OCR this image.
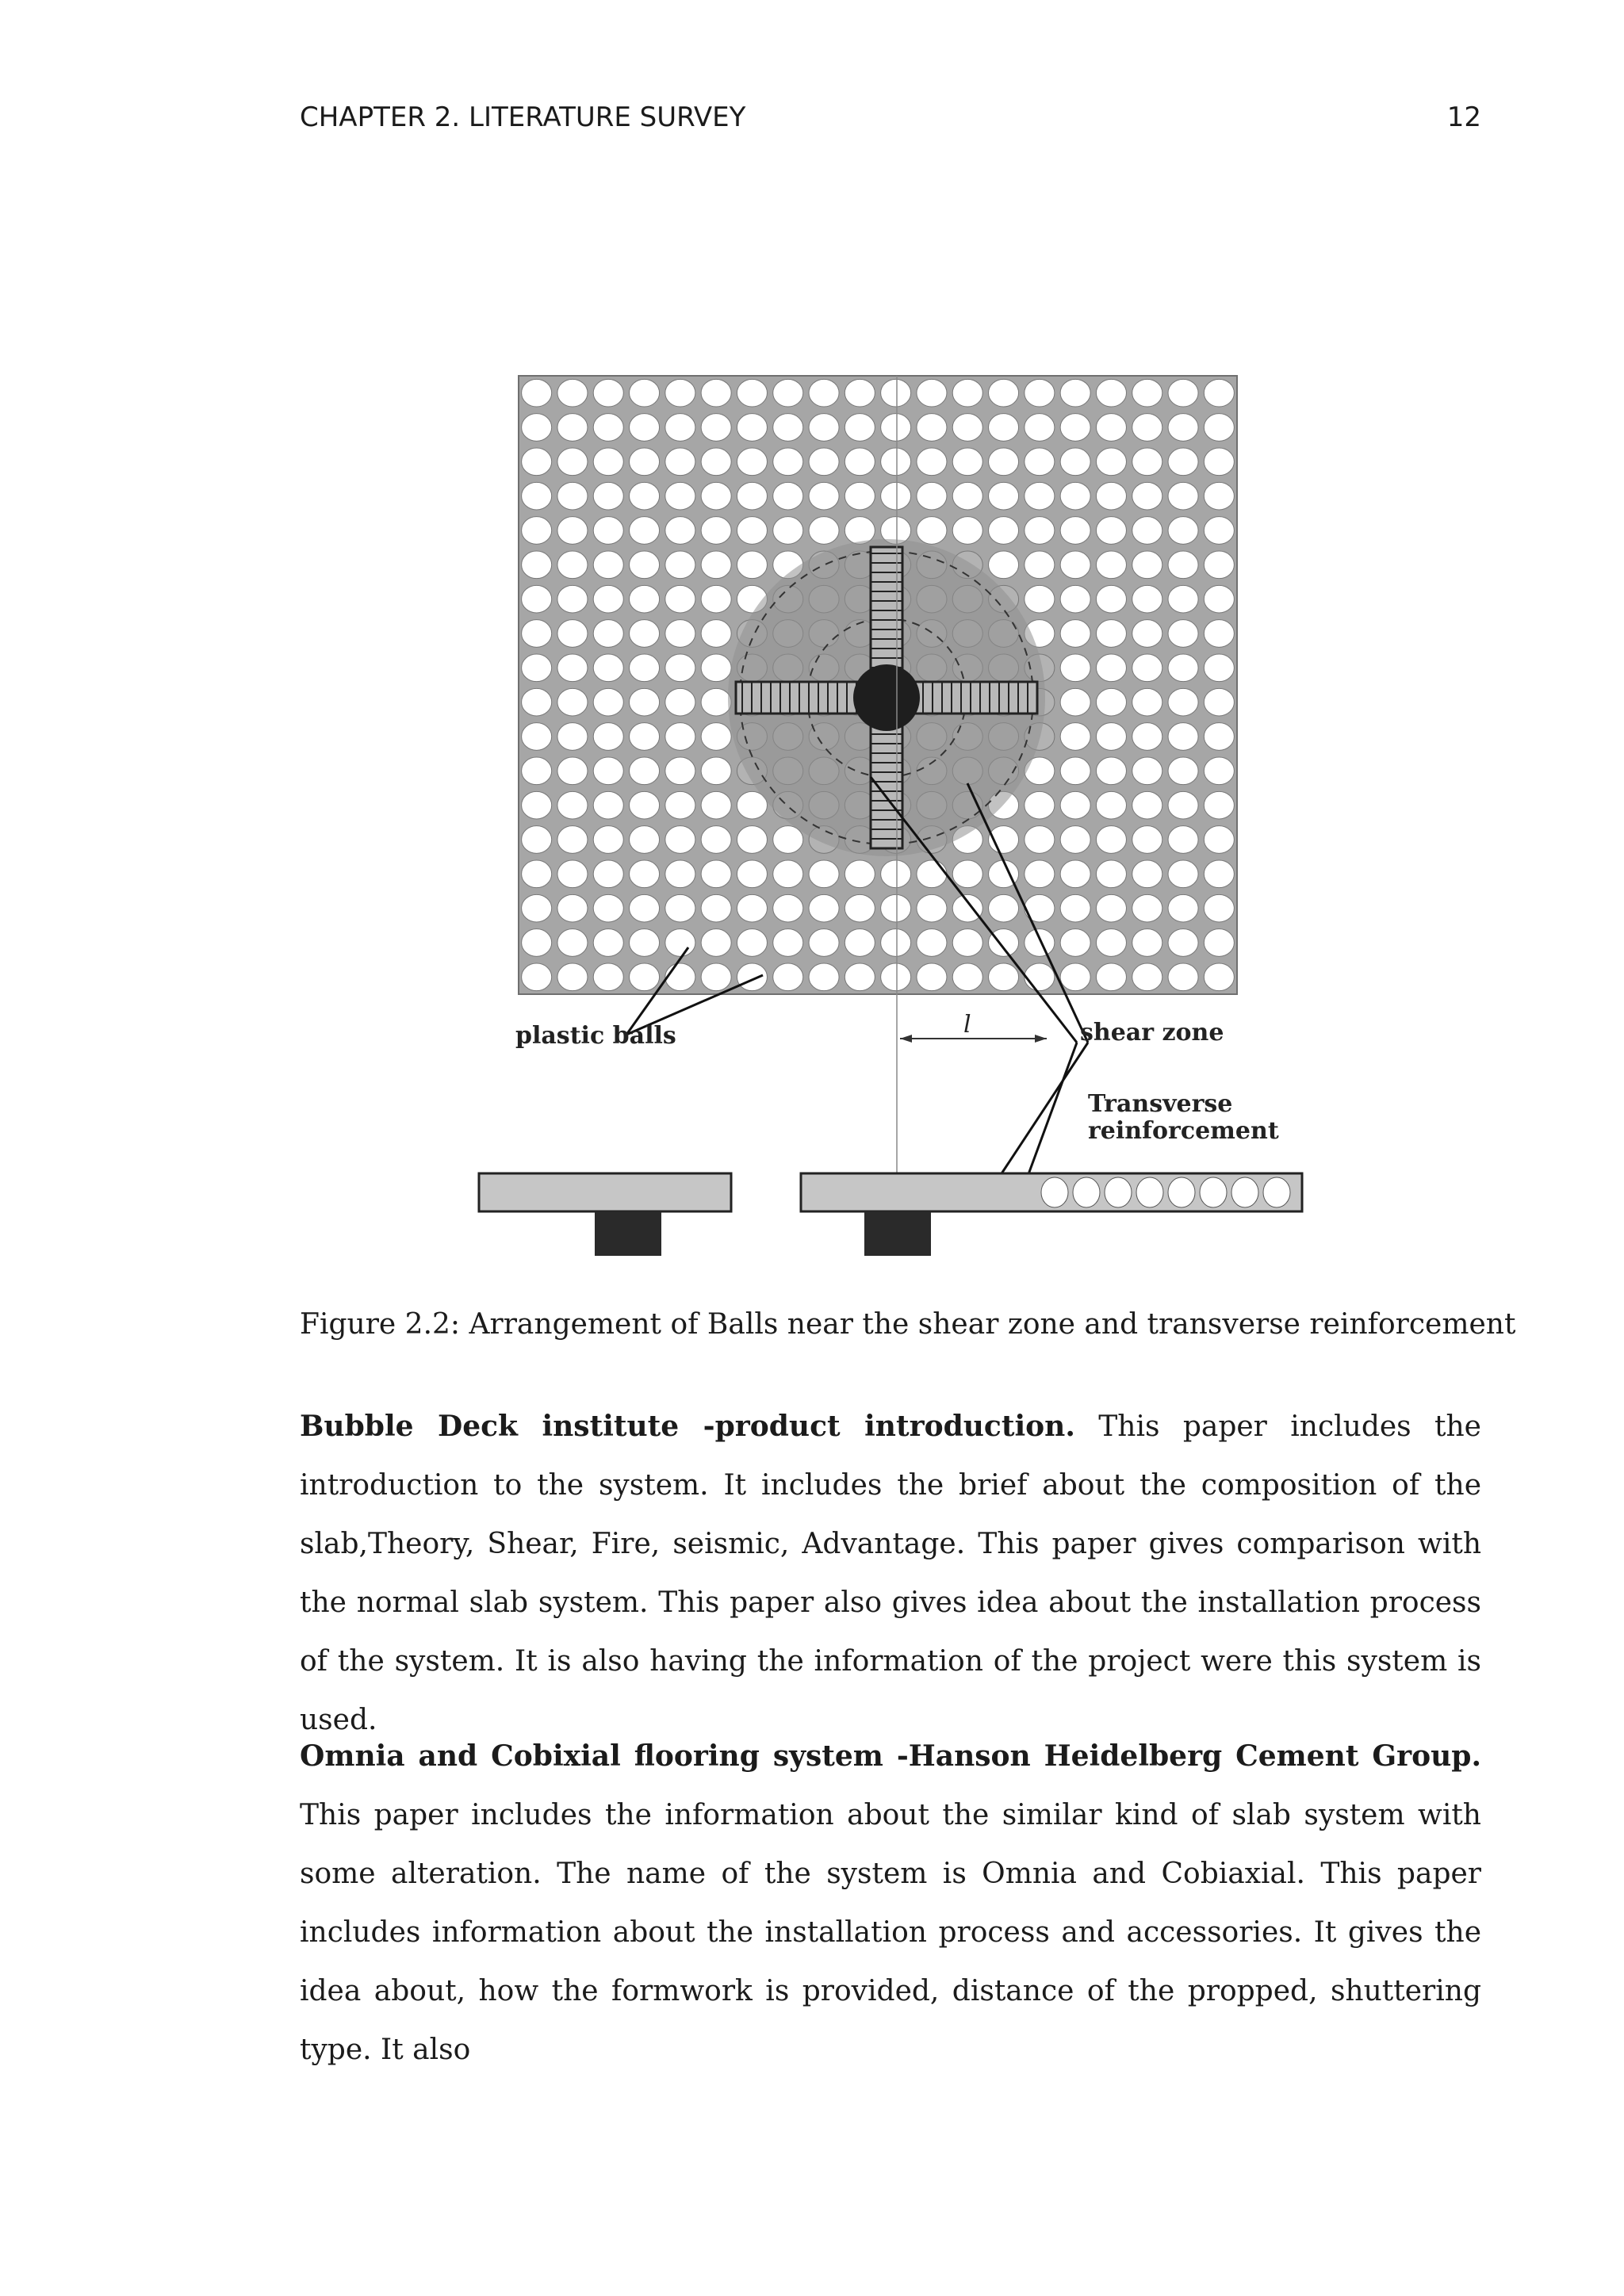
CHAPTER 2. LITERATURE SURVEY	12
plastic balls	l	shear zone
Transverse
reinforcement
Figure 2.2: Arrangement of Balls near the shear zone and transverse reinforcement
Bubble Deck institute -product introduction. This paper includes the introduction to the system. It includes the brief about the composition of the slab,Theory, Shear, Fire, seismic, Advantage. This paper gives comparison with the normal slab system. This paper also gives idea about the installation process of the system. It is also having the information of the project were this system is used.
Omnia and Cobixial flooring system -Hanson Heidelberg Cement Group. This paper includes the information about the similar kind of slab system with some alteration. The name of the system is Omnia and Cobiaxial. This paper includes information about the installation process and accessories. It gives the idea about, how the formwork is provided, distance of the propped, shuttering type. It also
